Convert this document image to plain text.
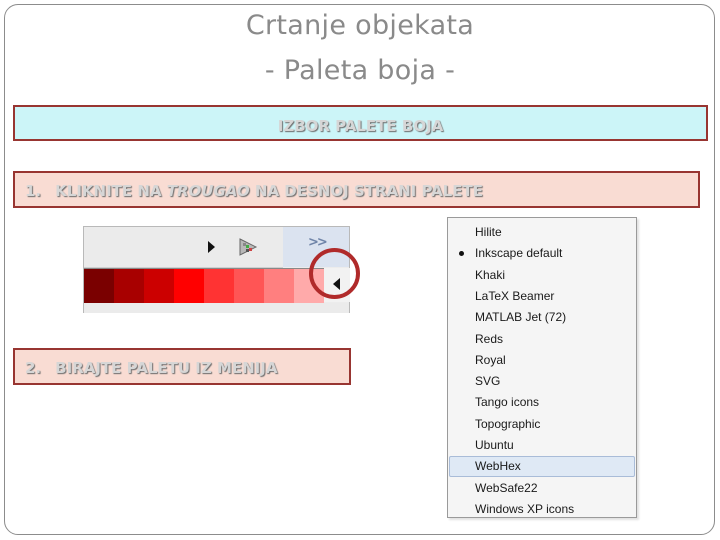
Crtanje objekata
- Paleta boja -
IZBOR PALETE BOJA
1. KLIKNITE NA TROUGAO NA DESNOJ STRANI PALETE
>>
2. BIRAJTE PALETU IZ MENIJA
Hilite
Inkscape default
Khaki
LaTeX Beamer
MATLAB Jet (72)
Reds
Royal
SVG
Tango icons
Topographic
Ubuntu
WebHex
WebSafe22
Windows XP icons
